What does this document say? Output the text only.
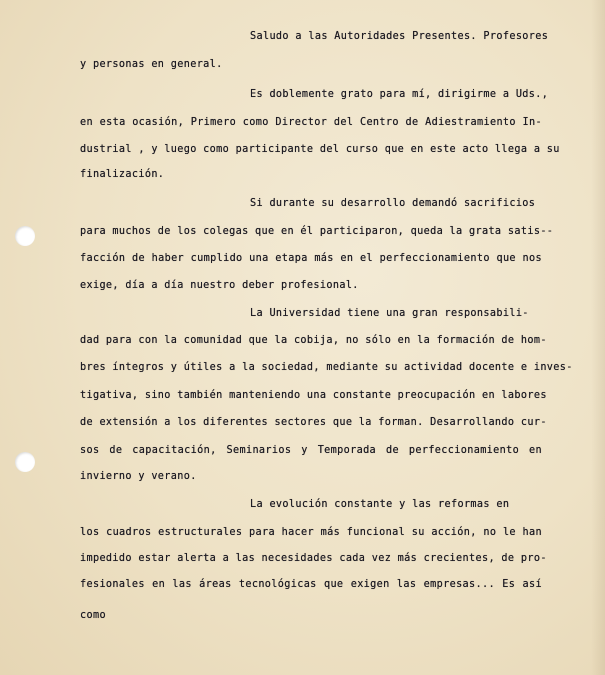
Saludo a las Autoridades Presentes. Profesores

y personas en general.

Es doblemente grato para mí, dirigirme a Uds.,

en esta ocasión, Primero como Director del Centro de Adiestramiento In-

dustrial , y luego como participante del curso que en este acto llega a su

finalización.

Si durante su desarrollo demandó sacrificios

para muchos de los colegas que en él participaron, queda la grata satis--

facción de haber cumplido una etapa más en el perfeccionamiento que nos

exige, día a día nuestro deber profesional.

La Universidad tiene una gran responsabili-

dad para con la comunidad que la cobija, no sólo en la formación de hom-

bres íntegros y útiles a la sociedad, mediante su actividad docente e inves-

tigativa, sino también manteniendo una constante preocupación en labores

de extensión a los diferentes sectores que la forman. Desarrollando cur-

sos de capacitación, Seminarios y Temporada de perfeccionamiento en

invierno y verano.

La evolución constante y las reformas en

los cuadros estructurales para hacer más funcional su acción, no le han

impedido estar alerta a las necesidades cada vez más crecientes, de pro-

fesionales en las áreas tecnológicas que exigen las empresas... Es así

como
